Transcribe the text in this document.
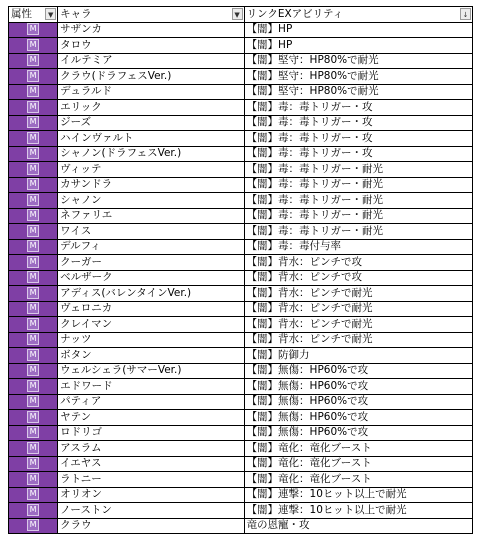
属性 ▼	キャラ ▼	リンクEXアビリティ ↓

M	サザンカ	【闇】HP
M	タロウ	【闇】HP
M	イルテミア	【闇】堅守：HP80%で耐光
M	クラウ(ドラフェスVer.)	【闇】堅守：HP80%で耐光
M	デュラルド	【闇】堅守：HP80%で耐光
M	エリック	【闇】毒：毒トリガー・攻
M	ジーズ	【闇】毒：毒トリガー・攻
M	ハインヴァルト	【闇】毒：毒トリガー・攻
M	シャノン(ドラフェスVer.)	【闇】毒：毒トリガー・攻
M	ヴィッテ	【闇】毒：毒トリガー・耐光
M	カサンドラ	【闇】毒：毒トリガー・耐光
M	シャノン	【闇】毒：毒トリガー・耐光
M	ネファリエ	【闇】毒：毒トリガー・耐光
M	ワイス	【闇】毒：毒トリガー・耐光
M	デルフィ	【闇】毒：毒付与率
M	クーガー	【闇】背水：ピンチで攻
M	ベルザーク	【闇】背水：ピンチで攻
M	アディス(バレンタインVer.)	【闇】背水：ピンチで耐光
M	ヴェロニカ	【闇】背水：ピンチで耐光
M	クレイマン	【闇】背水：ピンチで耐光
M	ナッツ	【闇】背水：ピンチで耐光
M	ボタン	【闇】防御力
M	ウェルシェラ(サマーVer.)	【闇】無傷：HP60%で攻
M	エドワード	【闇】無傷：HP60%で攻
M	パティア	【闇】無傷：HP60%で攻
M	ヤテン	【闇】無傷：HP60%で攻
M	ロドリゴ	【闇】無傷：HP60%で攻
M	アスラム	【闇】竜化：竜化ブースト
M	イエヤス	【闇】竜化：竜化ブースト
M	ラトニー	【闇】竜化：竜化ブースト
M	オリオン	【闇】連撃：10ヒット以上で耐光
M	ノーストン	【闇】連撃：10ヒット以上で耐光
M	クラウ	竜の恩寵・攻
